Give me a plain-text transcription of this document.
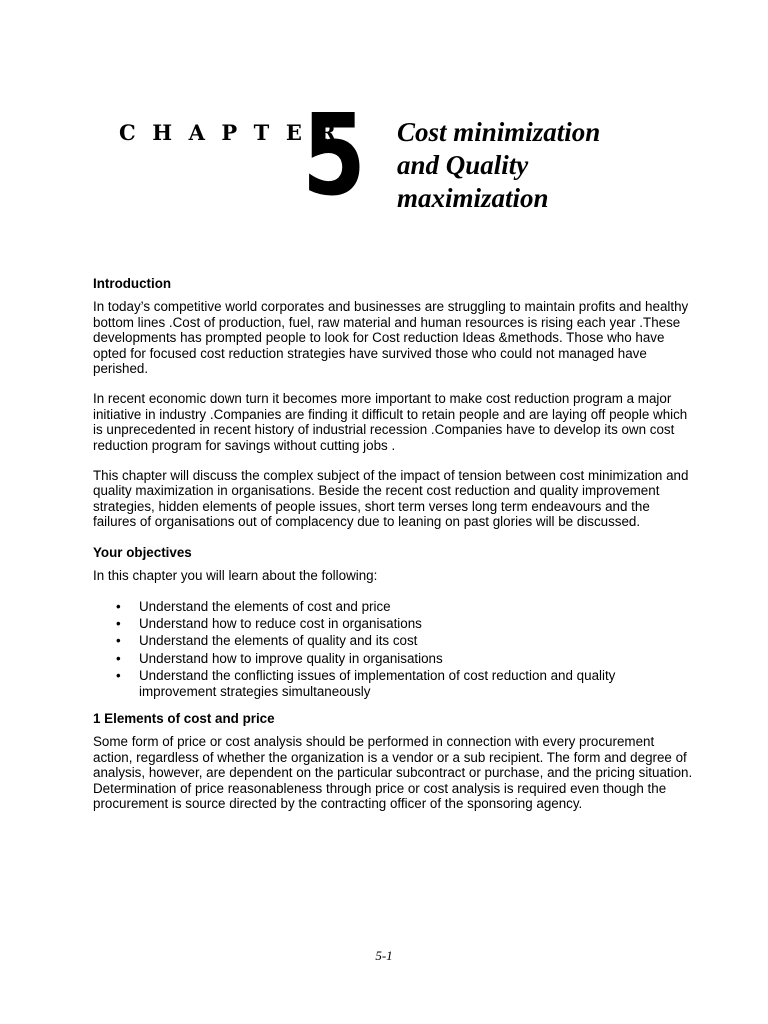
C H A P T E R
5 Cost minimization
and Quality
maximization
Introduction

In today’s competitive world corporates and businesses are struggling to maintain profits and healthy bottom lines .Cost of production, fuel, raw material and human resources is rising each year .These developments has prompted people to look for Cost reduction Ideas &methods. Those who have opted for focused cost reduction strategies have survived those who could not managed have perished.

In recent economic down turn it becomes more important to make cost reduction program a major initiative in industry .Companies are finding it difficult to retain people and are laying off people which is unprecedented in recent history of industrial recession .Companies have to develop its own cost reduction program for savings without cutting jobs .

This chapter will discuss the complex subject of the impact of tension between cost minimization and quality maximization in organisations. Beside the recent cost reduction and quality improvement strategies, hidden elements of people issues, short term verses long term endeavours and the failures of organisations out of complacency due to leaning on past glories will be discussed.

Your objectives

In this chapter you will learn about the following:

• Understand the elements of cost and price
• Understand how to reduce cost in organisations
• Understand the elements of quality and its cost
• Understand how to improve quality in organisations
• Understand the conflicting issues of implementation of cost reduction and quality improvement strategies simultaneously
1 Elements of cost and price

Some form of price or cost analysis should be performed in connection with every procurement action, regardless of whether the organization is a vendor or a sub recipient. The form and degree of analysis, however, are dependent on the particular subcontract or purchase, and the pricing situation. Determination of price reasonableness through price or cost analysis is required even though the procurement is source directed by the contracting officer of the sponsoring agency.

5-1
